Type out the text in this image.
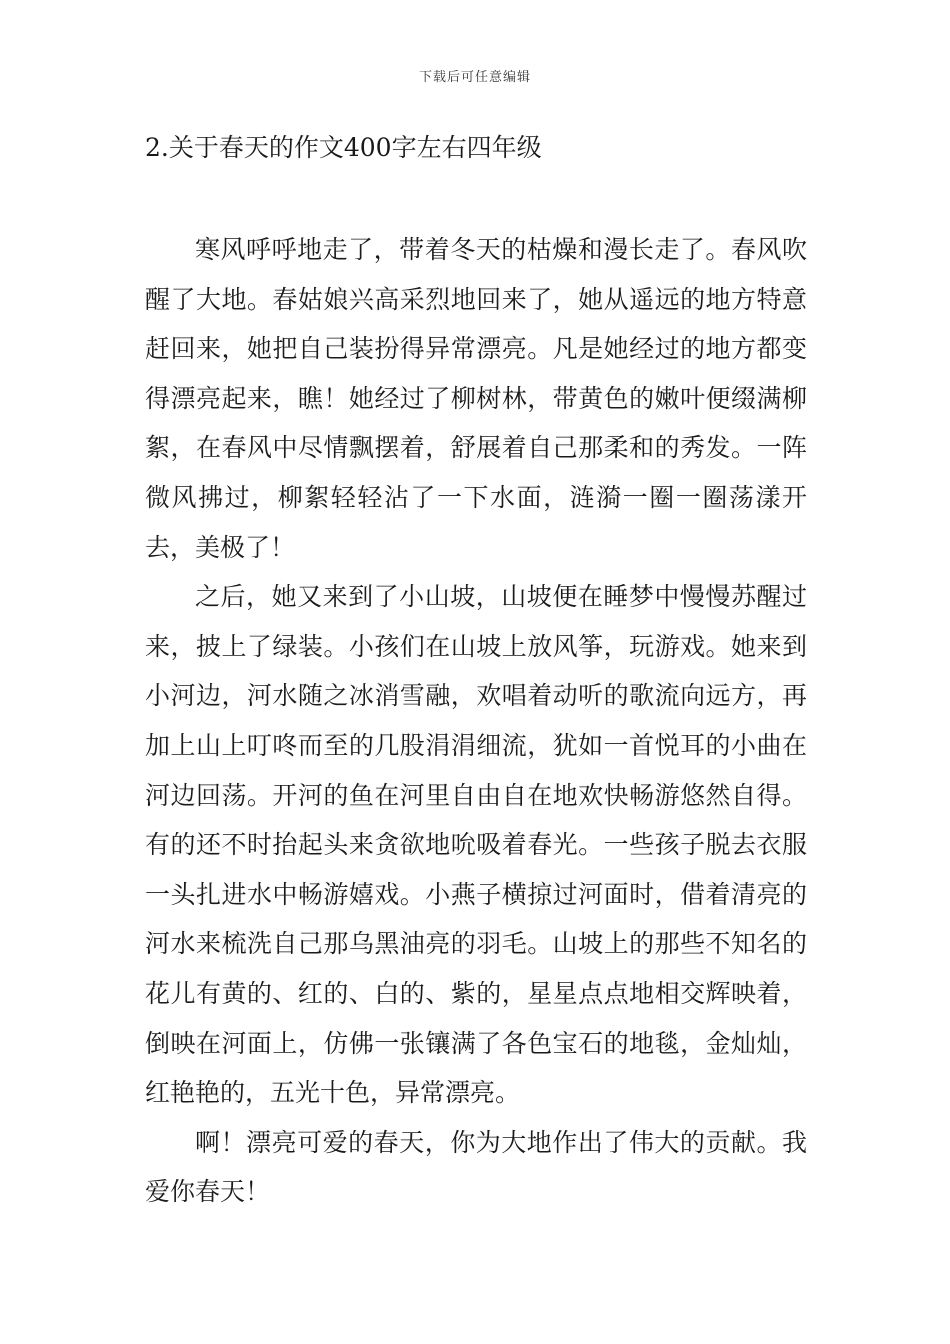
下载后可任意编辑
2.关于春天的作文400字左右四年级

寒风呼呼地走了，带着冬天的枯燥和漫长走了。春风吹醒了大地。春姑娘兴高采烈地回来了，她从遥远的地方特意赶回来，她把自己装扮得异常漂亮。凡是她经过的地方都变得漂亮起来，瞧！她经过了柳树林，带黄色的嫩叶便缀满柳絮，在春风中尽情飘摆着，舒展着自己那柔和的秀发。一阵微风拂过，柳絮轻轻沾了一下水面，涟漪一圈一圈荡漾开去，美极了！

之后，她又来到了小山坡，山坡便在睡梦中慢慢苏醒过来，披上了绿装。小孩们在山坡上放风筝，玩游戏。她来到小河边，河水随之冰消雪融，欢唱着动听的歌流向远方，再加上山上叮咚而至的几股涓涓细流，犹如一首悦耳的小曲在河边回荡。开河的鱼在河里自由自在地欢快畅游悠然自得。有的还不时抬起头来贪欲地吮吸着春光。一些孩子脱去衣服一头扎进水中畅游嬉戏。小燕子横掠过河面时，借着清亮的河水来梳洗自己那乌黑油亮的羽毛。山坡上的那些不知名的花儿有黄的、红的、白的、紫的，星星点点地相交辉映着，倒映在河面上，仿佛一张镶满了各色宝石的地毯，金灿灿，红艳艳的，五光十色，异常漂亮。

啊！漂亮可爱的春天，你为大地作出了伟大的贡献。我爱你春天！
